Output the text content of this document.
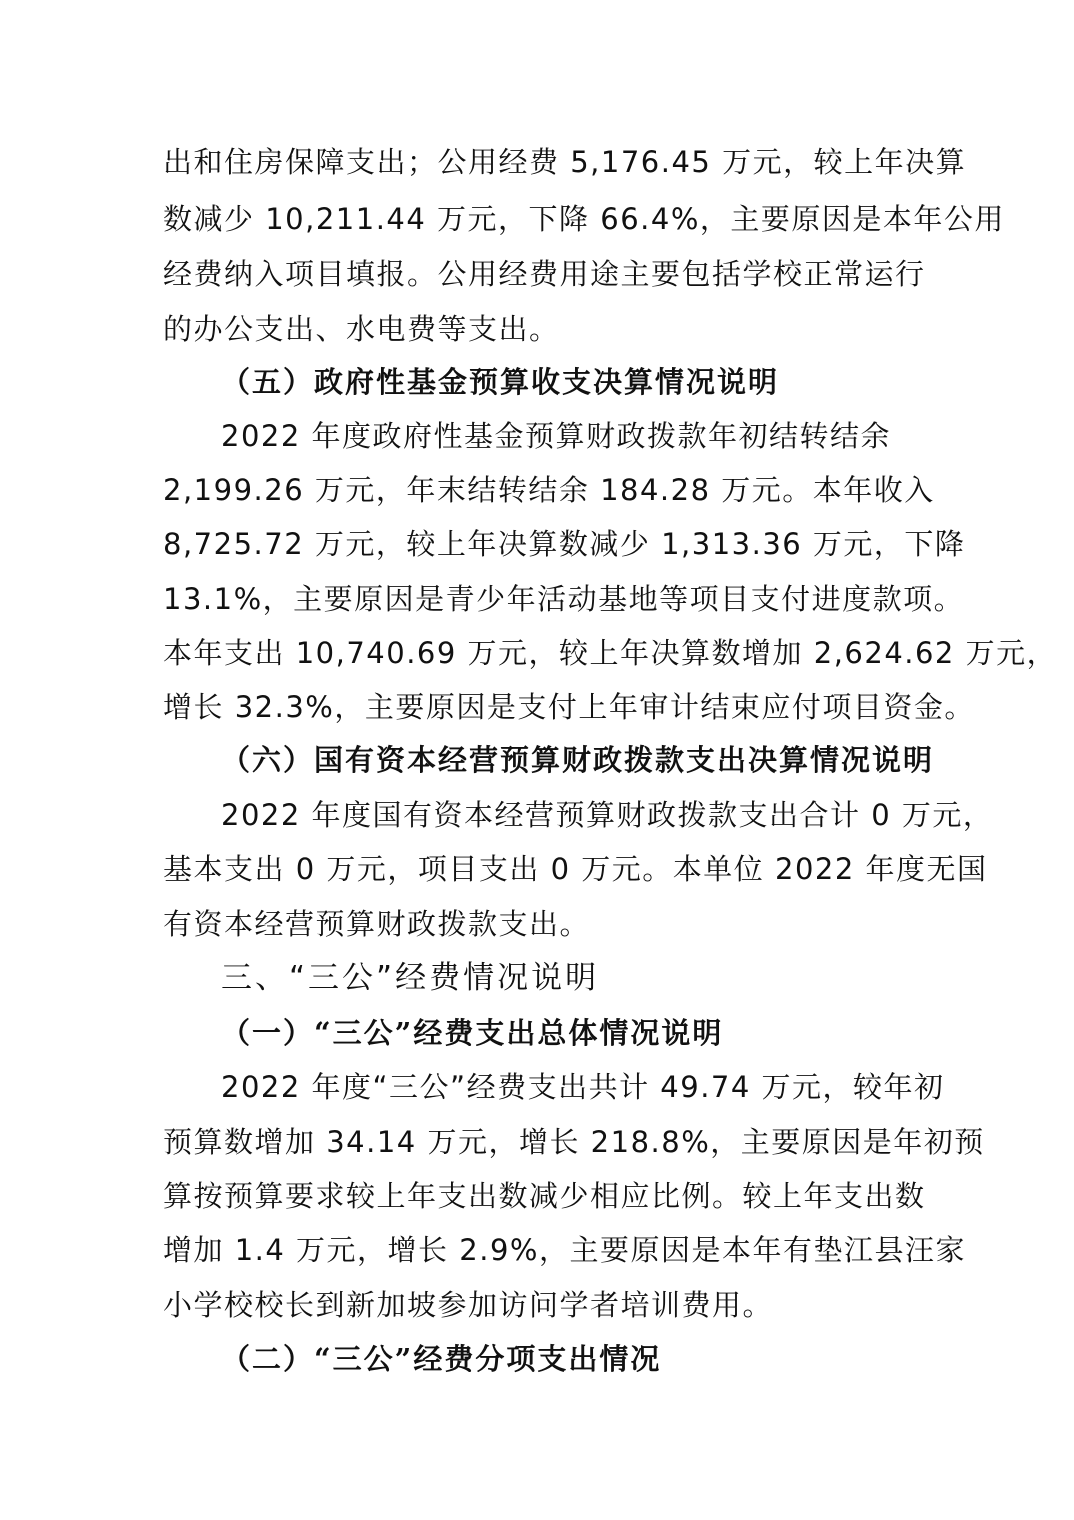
出和住房保障支出；公用经费 5,176.45 万元，较上年决算
数减少 10,211.44 万元，下降 66.4%，主要原因是本年公用
经费纳入项目填报。公用经费用途主要包括学校正常运行
的办公支出、水电费等支出。
（五）政府性基金预算收支决算情况说明
2022 年度政府性基金预算财政拨款年初结转结余
2,199.26 万元，年末结转结余 184.28 万元。本年收入
8,725.72 万元，较上年决算数减少 1,313.36 万元，下降
13.1%，主要原因是青少年活动基地等项目支付进度款项。
本年支出 10,740.69 万元，较上年决算数增加 2,624.62 万元，
增长 32.3%，主要原因是支付上年审计结束应付项目资金。
（六）国有资本经营预算财政拨款支出决算情况说明
2022 年度国有资本经营预算财政拨款支出合计 0 万元，
基本支出 0 万元，项目支出 0 万元。本单位 2022 年度无国
有资本经营预算财政拨款支出。
三、“三公”经费情况说明
（一）“三公”经费支出总体情况说明
2022 年度“三公”经费支出共计 49.74 万元，较年初
预算数增加 34.14 万元，增长 218.8%，主要原因是年初预
算按预算要求较上年支出数减少相应比例。较上年支出数
增加 1.4 万元，增长 2.9%，主要原因是本年有垫江县汪家
小学校校长到新加坡参加访问学者培训费用。
（二）“三公”经费分项支出情况
